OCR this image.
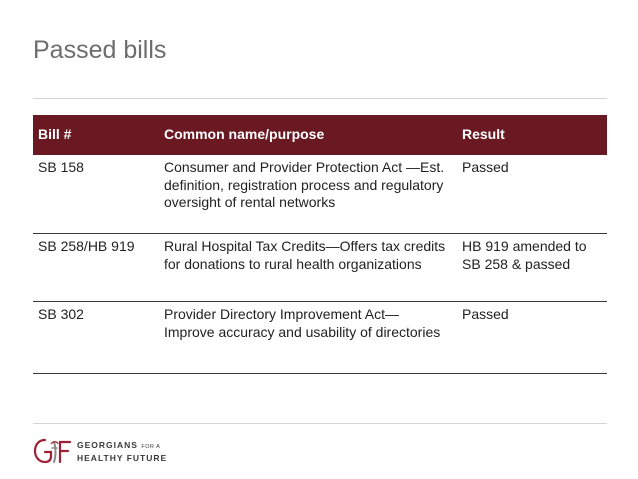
Passed bills
Bill #	Common name/purpose	Result
SB 158	Consumer and Provider Protection Act —Est. definition, registration process and regulatory oversight of rental networks	Passed
SB 258/HB 919	Rural Hospital Tax Credits—Offers tax credits for donations to rural health organizations	HB 919 amended to SB 258 & passed
SB 302	Provider Directory Improvement Act— Improve accuracy and usability of directories	Passed
GEORGIANS FOR A
HEALTHY FUTURE
